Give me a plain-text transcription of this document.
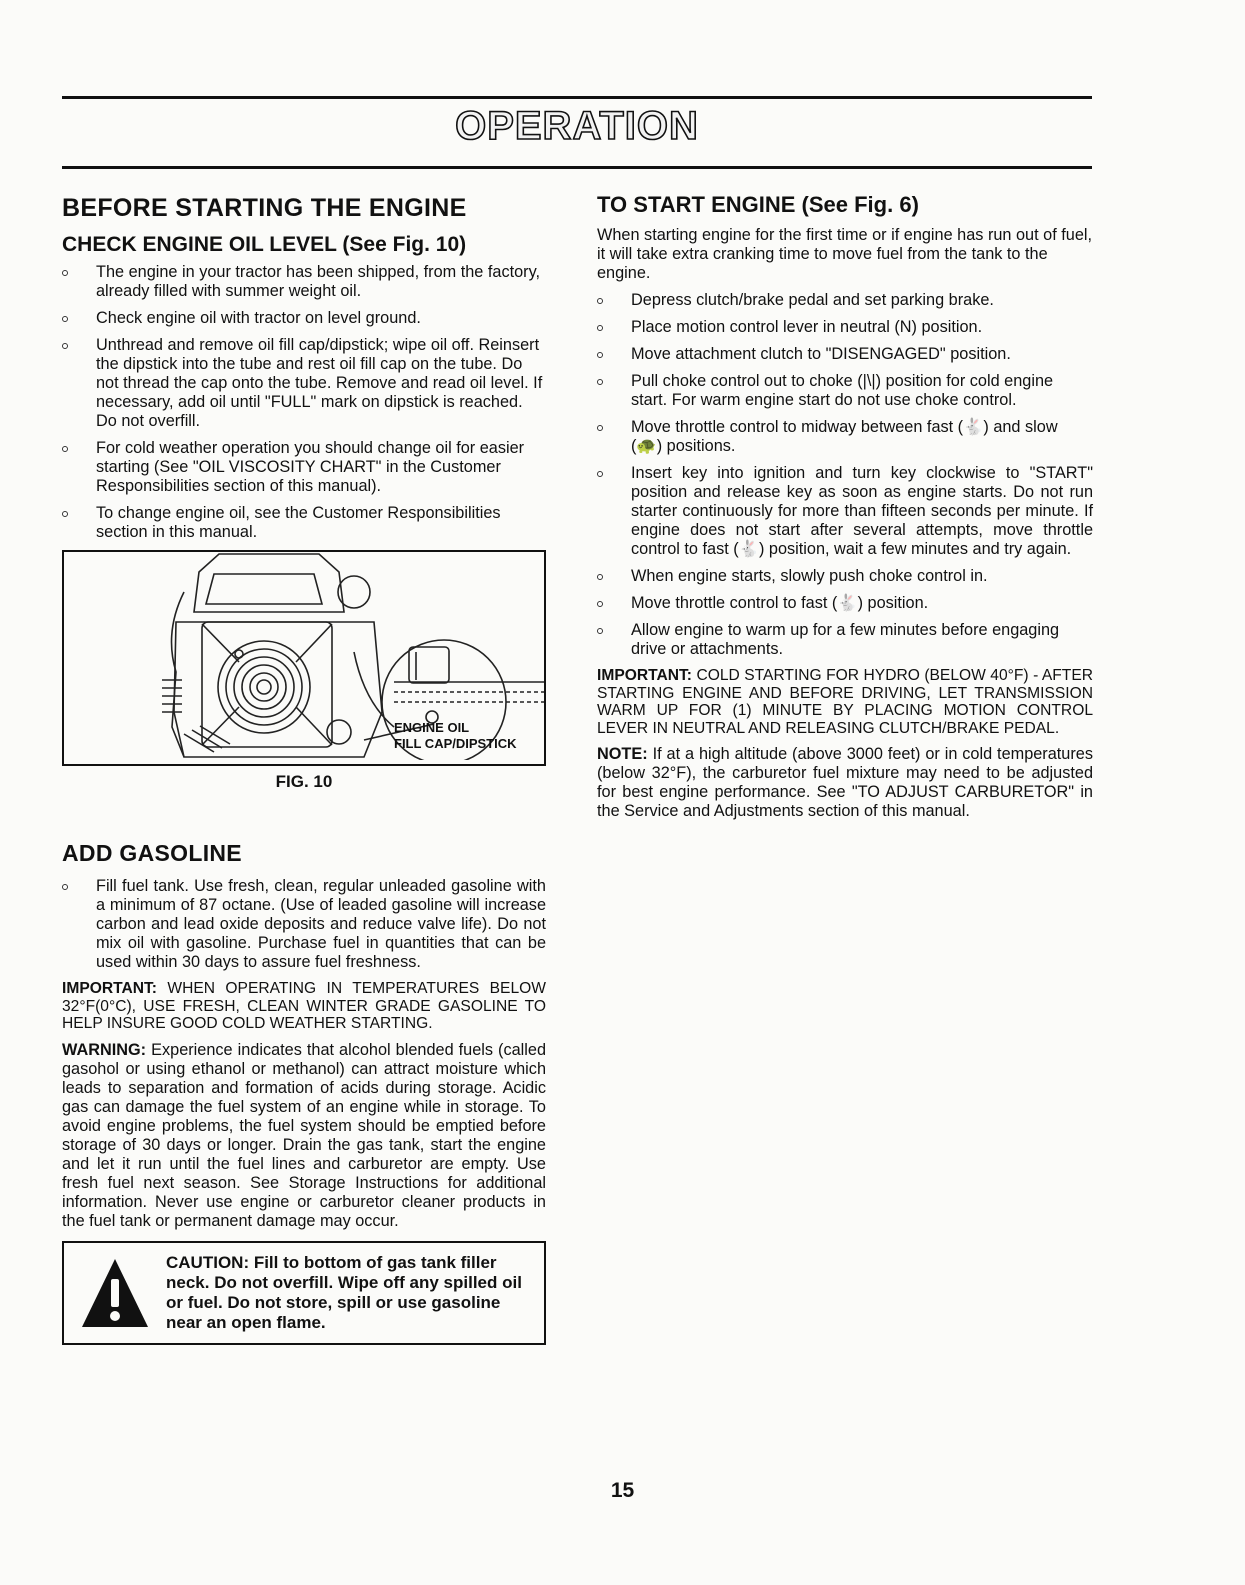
OPERATION
BEFORE STARTING THE ENGINE
CHECK ENGINE OIL LEVEL (See Fig. 10)
The engine in your tractor has been shipped, from the factory, already filled with summer weight oil.
Check engine oil with tractor on level ground.
Unthread and remove oil fill cap/dipstick; wipe oil off. Reinsert the dipstick into the tube and rest oil fill cap on the tube. Do not thread the cap onto the tube. Remove and read oil level. If necessary, add oil until "FULL" mark on dipstick is reached. Do not overfill.
For cold weather operation you should change oil for easier starting (See "OIL VISCOSITY CHART" in the Customer Responsibilities section of this manual).
To change engine oil, see the Customer Responsibilities section in this manual.
ENGINE OIL
FILL CAP/DIPSTICK
FIG. 10
ADD GASOLINE
Fill fuel tank. Use fresh, clean, regular unleaded gasoline with a minimum of 87 octane. (Use of leaded gasoline will increase carbon and lead oxide deposits and reduce valve life). Do not mix oil with gasoline. Purchase fuel in quantities that can be used within 30 days to assure fuel freshness.

IMPORTANT: WHEN OPERATING IN TEMPERATURES BELOW 32°F(0°C), USE FRESH, CLEAN WINTER GRADE GASOLINE TO HELP INSURE GOOD COLD WEATHER STARTING.

WARNING: Experience indicates that alcohol blended fuels (called gasohol or using ethanol or methanol) can attract moisture which leads to separation and formation of acids during storage. Acidic gas can damage the fuel system of an engine while in storage. To avoid engine problems, the fuel system should be emptied before storage of 30 days or longer. Drain the gas tank, start the engine and let it run until the fuel lines and carburetor are empty. Use fresh fuel next season. See Storage Instructions for additional information. Never use engine or carburetor cleaner products in the fuel tank or permanent damage may occur.

CAUTION: Fill to bottom of gas tank filler neck. Do not overfill. Wipe off any spilled oil or fuel. Do not store, spill or use gasoline near an open flame.
TO START ENGINE (See Fig. 6)

When starting engine for the first time or if engine has run out of fuel, it will take extra cranking time to move fuel from the tank to the engine.

Depress clutch/brake pedal and set parking brake.
Place motion control lever in neutral (N) position.
Move attachment clutch to "DISENGAGED" position.
Pull choke control out to choke (|\|) position for cold engine start. For warm engine start do not use choke control.
Move throttle control to midway between fast (🐇) and slow (🐢) positions.
Insert key into ignition and turn key clockwise to "START" position and release key as soon as engine starts. Do not run starter continuously for more than fifteen seconds per minute. If engine does not start after several attempts, move throttle control to fast (🐇) position, wait a few minutes and try again.
When engine starts, slowly push choke control in.
Move throttle control to fast (🐇) position.
Allow engine to warm up for a few minutes before engaging drive or attachments.

IMPORTANT: COLD STARTING FOR HYDRO (BELOW 40°F) - AFTER STARTING ENGINE AND BEFORE DRIVING, LET TRANSMISSION WARM UP FOR (1) MINUTE BY PLACING MOTION CONTROL LEVER IN NEUTRAL AND RELEASING CLUTCH/BRAKE PEDAL.

NOTE: If at a high altitude (above 3000 feet) or in cold temperatures (below 32°F), the carburetor fuel mixture may need to be adjusted for best engine performance. See "TO ADJUST CARBURETOR" in the Service and Adjustments section of this manual.

15
